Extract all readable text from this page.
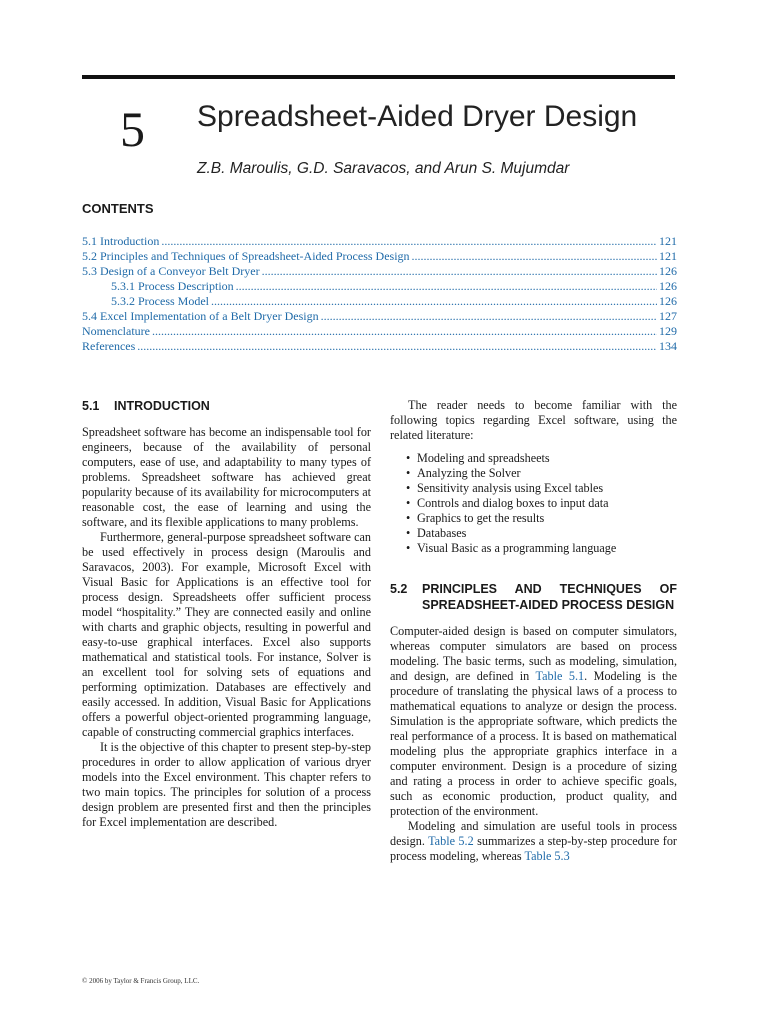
5 Spreadsheet-Aided Dryer Design
Z.B. Maroulis, G.D. Saravacos, and Arun S. Mujumdar
CONTENTS
5.1 Introduction .....	121
5.2 Principles and Techniques of Spreadsheet-Aided Process Design .....	121
5.3 Design of a Conveyor Belt Dryer .....	126
5.3.1 Process Description .....	126
5.3.2 Process Model .....	126
5.4 Excel Implementation of a Belt Dryer Design .....	127
Nomenclature .....	129
References .....	134
5.1 INTRODUCTION

Spreadsheet software has become an indispensable tool for engineers, because of the availability of personal computers, ease of use, and adaptability to many types of problems. Spreadsheet software has achieved great popularity because of its availability for microcomputers at reasonable cost, the ease of learning and using the software, and its flexible applications to many problems.

Furthermore, general-purpose spreadsheet software can be used effectively in process design (Maroulis and Saravacos, 2003). For example, Microsoft Excel with Visual Basic for Applications is an effective tool for process design. Spreadsheets offer sufficient process model “hospitality.” They are connected easily and online with charts and graphic objects, resulting in powerful and easy-to-use graphical interfaces. Excel also supports mathematical and statistical tools. For instance, Solver is an excellent tool for solving sets of equations and performing optimization. Databases are effectively and easily accessed. In addition, Visual Basic for Applications offers a powerful object-oriented programming language, capable of constructing commercial graphics interfaces.

It is the objective of this chapter to present step-by-step procedures in order to allow application of various dryer models into the Excel environment. This chapter refers to two main topics. The principles for solution of a process design problem are presented first and then the principles for Excel implementation are described.

The reader needs to become familiar with the following topics regarding Excel software, using the related literature:

• Modeling and spreadsheets
• Analyzing the Solver
• Sensitivity analysis using Excel tables
• Controls and dialog boxes to input data
• Graphics to get the results
• Databases
• Visual Basic as a programming language
5.2	PRINCIPLES AND TECHNIQUES OF SPREADSHEET-AIDED PROCESS DESIGN

Computer-aided design is based on computer simulators, whereas computer simulators are based on process modeling. The basic terms, such as modeling, simulation, and design, are defined in Table 5.1. Modeling is the procedure of translating the physical laws of a process to mathematical equations to analyze or design the process. Simulation is the appropriate software, which predicts the real performance of a process. It is based on mathematical modeling plus the appropriate graphics interface in a computer environment. Design is a procedure of sizing and rating a process in order to achieve specific goals, such as economic production, product quality, and protection of the environment.

Modeling and simulation are useful tools in process design. Table 5.2 summarizes a step-by-step procedure for process modeling, whereas Table 5.3

© 2006 by Taylor & Francis Group, LLC.
